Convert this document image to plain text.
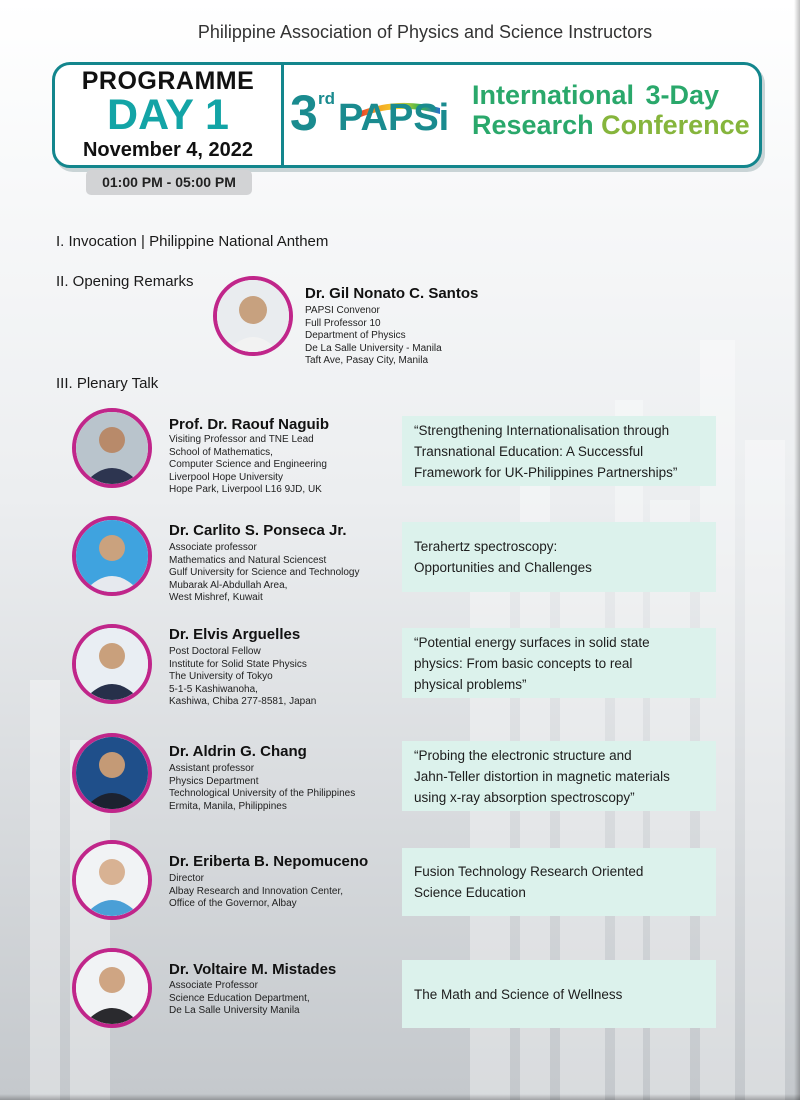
Philippine Association of Physics and Science Instructors
PROGRAMME
DAY 1
November 4, 2022
3 rd PAPSi
International 3-Day
Research Conference
01:00 PM - 05:00 PM
I. Invocation | Philippine National Anthem
II. Opening Remarks
III. Plenary Talk
Dr. Gil Nonato C. Santos
PAPSI Convenor
Full Professor 10
Department of Physics
De La Salle University - Manila
Taft Ave, Pasay City, Manila
Prof. Dr. Raouf Naguib
Visiting Professor and TNE Lead
School of Mathematics,
Computer Science and Engineering
Liverpool Hope University
Hope Park, Liverpool L16 9JD, UK
“Strengthening Internationalisation through
Transnational Education: A Successful
Framework for UK-Philippines Partnerships”
Dr. Carlito S. Ponseca Jr.
Associate professor
Mathematics and Natural Sciencest
Gulf University for Science and Technology
Mubarak Al-Abdullah Area,
West Mishref, Kuwait
Terahertz spectroscopy:
Opportunities and Challenges
Dr. Elvis Arguelles
Post Doctoral Fellow
Institute for Solid State Physics
The University of Tokyo
5-1-5 Kashiwanoha,
Kashiwa, Chiba 277-8581, Japan
“Potential energy surfaces in solid state
physics: From basic concepts to real
physical problems”
Dr. Aldrin G. Chang
Assistant professor
Physics Department
Technological University of the Philippines
Ermita, Manila, Philippines
“Probing the electronic structure and
Jahn-Teller distortion in magnetic materials
using x-ray absorption spectroscopy”
Dr. Eriberta B. Nepomuceno
Director
Albay Research and Innovation Center,
Office of the Governor, Albay
Fusion Technology Research Oriented
Science Education
Dr. Voltaire M. Mistades
Associate Professor
Science Education Department,
De La Salle University Manila
The Math and Science of Wellness
